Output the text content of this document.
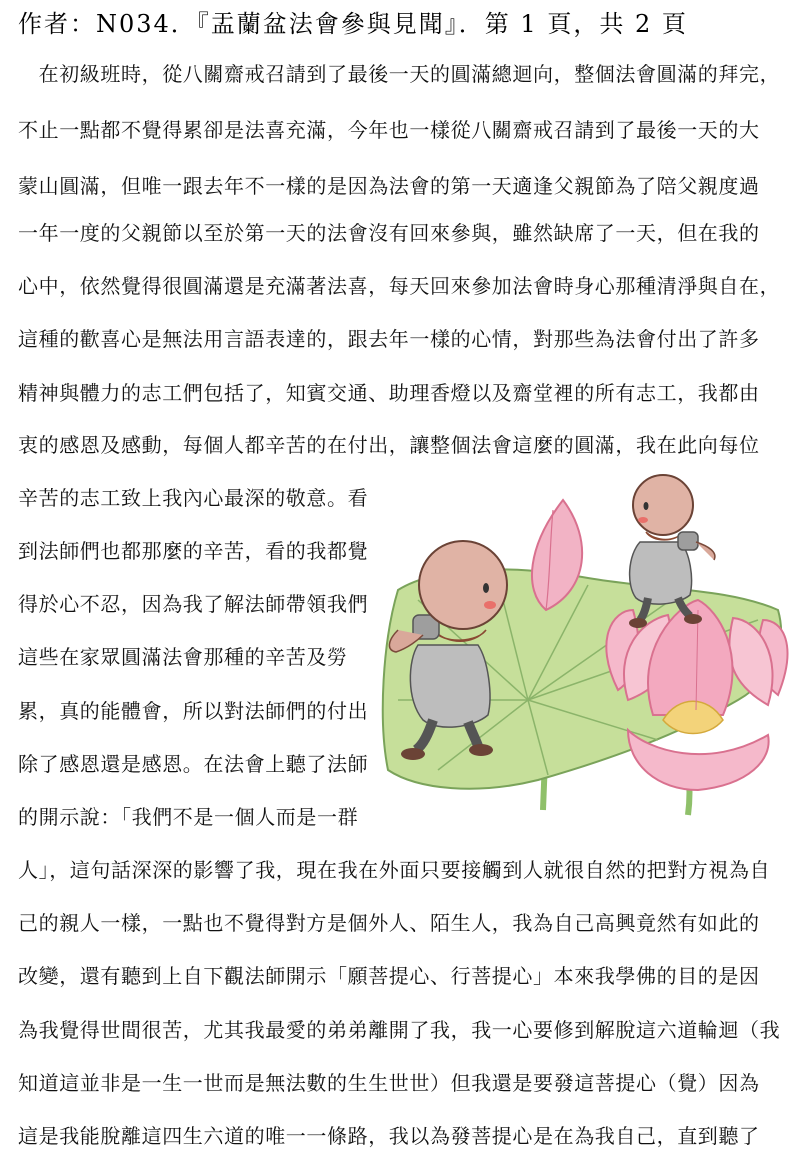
作者：N034．『盂蘭盆法會參與見聞』．第 1 頁，共 2 頁
　在初級班時，從八關齋戒召請到了最後一天的圓滿總迴向，整個法會圓滿的拜完，
不止一點都不覺得累卻是法喜充滿，今年也一樣從八關齋戒召請到了最後一天的大
蒙山圓滿，但唯一跟去年不一樣的是因為法會的第一天適逢父親節為了陪父親度過
一年一度的父親節以至於第一天的法會沒有回來參與，雖然缺席了一天，但在我的
心中，依然覺得很圓滿還是充滿著法喜，每天回來參加法會時身心那種清淨與自在，
這種的歡喜心是無法用言語表達的，跟去年一樣的心情，對那些為法會付出了許多
精神與體力的志工們包括了，知賓交通、助理香燈以及齋堂裡的所有志工，我都由
衷的感恩及感動，每個人都辛苦的在付出，讓整個法會這麼的圓滿，我在此向每位
辛苦的志工致上我內心最深的敬意。看
到法師們也都那麼的辛苦，看的我都覺
得於心不忍，因為我了解法師帶領我們
這些在家眾圓滿法會那種的辛苦及勞
累，真的能體會，所以對法師們的付出
除了感恩還是感恩。在法會上聽了法師
的開示說：「我們不是一個人而是一群
人」，這句話深深的影響了我，現在我在外面只要接觸到人就很自然的把對方視為自
己的親人一樣，一點也不覺得對方是個外人、陌生人，我為自己高興竟然有如此的
改變，還有聽到上自下觀法師開示「願菩提心、行菩提心」本來我學佛的目的是因
為我覺得世間很苦，尤其我最愛的弟弟離開了我，我一心要修到解脫這六道輪迴（我
知道這並非是一生一世而是無法數的生生世世）但我還是要發這菩提心（覺）因為
這是我能脫離這四生六道的唯一一條路，我以為發菩提心是在為我自己，直到聽了
